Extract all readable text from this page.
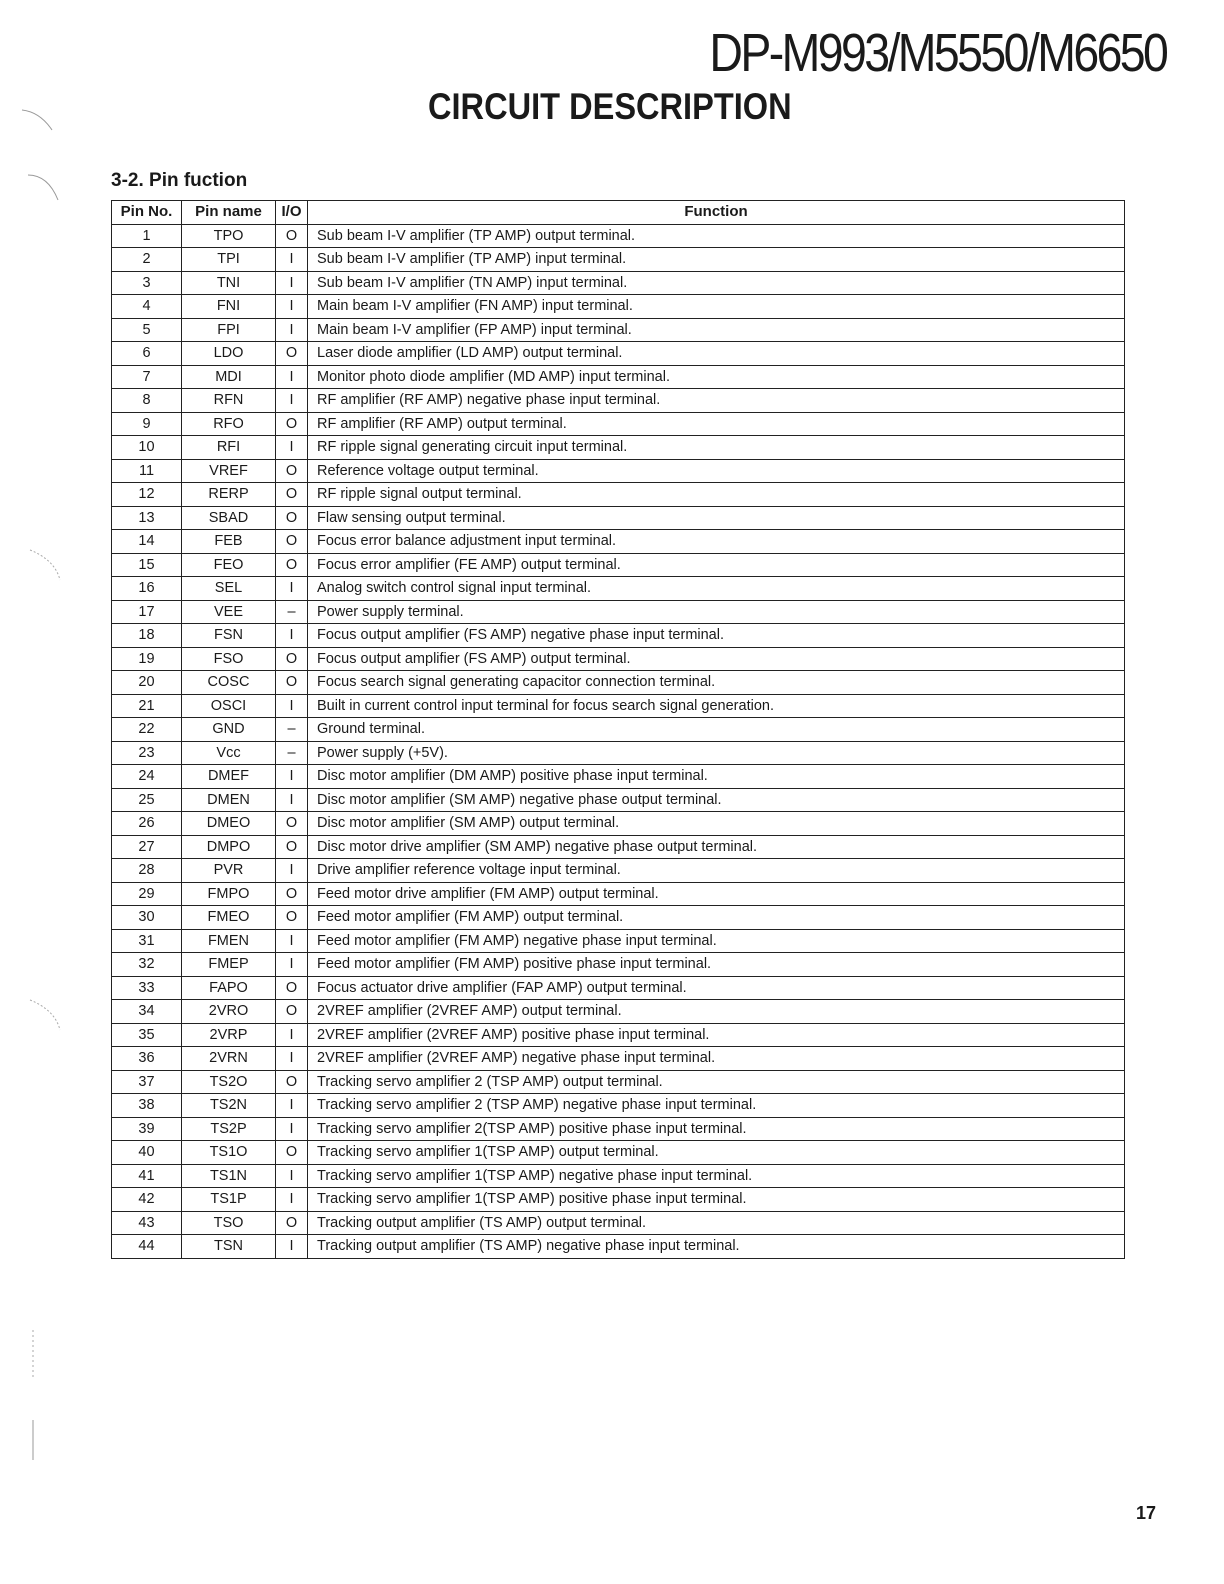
DP-M993/M5550/M6650
CIRCUIT DESCRIPTION
3-2. Pin fuction
Pin No.	Pin name	I/O	Function
1	TPO	O	Sub beam I-V amplifier (TP AMP) output terminal.
2	TPI	I	Sub beam I-V amplifier (TP AMP) input terminal.
3	TNI	I	Sub beam I-V amplifier (TN AMP) input terminal.
4	FNI	I	Main beam I-V amplifier (FN AMP) input terminal.
5	FPI	I	Main beam I-V amplifier (FP AMP) input terminal.
6	LDO	O	Laser diode amplifier (LD AMP) output terminal.
7	MDI	I	Monitor photo diode amplifier (MD AMP) input terminal.
8	RFN	I	RF amplifier (RF AMP) negative phase input terminal.
9	RFO	O	RF amplifier (RF AMP) output terminal.
10	RFI	I	RF ripple signal generating circuit input terminal.
11	VREF	O	Reference voltage output terminal.
12	RERP	O	RF ripple signal output terminal.
13	SBAD	O	Flaw sensing output terminal.
14	FEB	O	Focus error balance adjustment input terminal.
15	FEO	O	Focus error amplifier (FE AMP) output terminal.
16	SEL	I	Analog switch control signal input terminal.
17	VEE	–	Power supply terminal.
18	FSN	I	Focus output amplifier (FS AMP) negative phase input terminal.
19	FSO	O	Focus output amplifier (FS AMP) output terminal.
20	COSC	O	Focus search signal generating capacitor connection terminal.
21	OSCI	I	Built in current control input terminal for focus search signal generation.
22	GND	–	Ground terminal.
23	Vcc	–	Power supply (+5V).
24	DMEF	I	Disc motor amplifier (DM AMP) positive phase input terminal.
25	DMEN	I	Disc motor amplifier (SM AMP) negative phase output terminal.
26	DMEO	O	Disc motor amplifier (SM AMP) output terminal.
27	DMPO	O	Disc motor drive amplifier (SM AMP) negative phase output terminal.
28	PVR	I	Drive amplifier reference voltage input terminal.
29	FMPO	O	Feed motor drive amplifier (FM AMP) output terminal.
30	FMEO	O	Feed motor amplifier (FM AMP) output terminal.
31	FMEN	I	Feed motor amplifier (FM AMP) negative phase input terminal.
32	FMEP	I	Feed motor amplifier (FM AMP) positive phase input terminal.
33	FAPO	O	Focus actuator drive amplifier (FAP AMP) output terminal.
34	2VRO	O	2VREF amplifier (2VREF AMP) output terminal.
35	2VRP	I	2VREF amplifier (2VREF AMP) positive phase input terminal.
36	2VRN	I	2VREF amplifier (2VREF AMP) negative phase input terminal.
37	TS2O	O	Tracking servo amplifier 2 (TSP AMP) output terminal.
38	TS2N	I	Tracking servo amplifier 2 (TSP AMP) negative phase input terminal.
39	TS2P	I	Tracking servo amplifier 2(TSP AMP) positive phase input terminal.
40	TS1O	O	Tracking servo amplifier 1(TSP AMP) output terminal.
41	TS1N	I	Tracking servo amplifier 1(TSP AMP) negative phase input terminal.
42	TS1P	I	Tracking servo amplifier 1(TSP AMP) positive phase input terminal.
43	TSO	O	Tracking output amplifier (TS AMP) output terminal.
44	TSN	I	Tracking output amplifier (TS AMP) negative phase input terminal.
17
